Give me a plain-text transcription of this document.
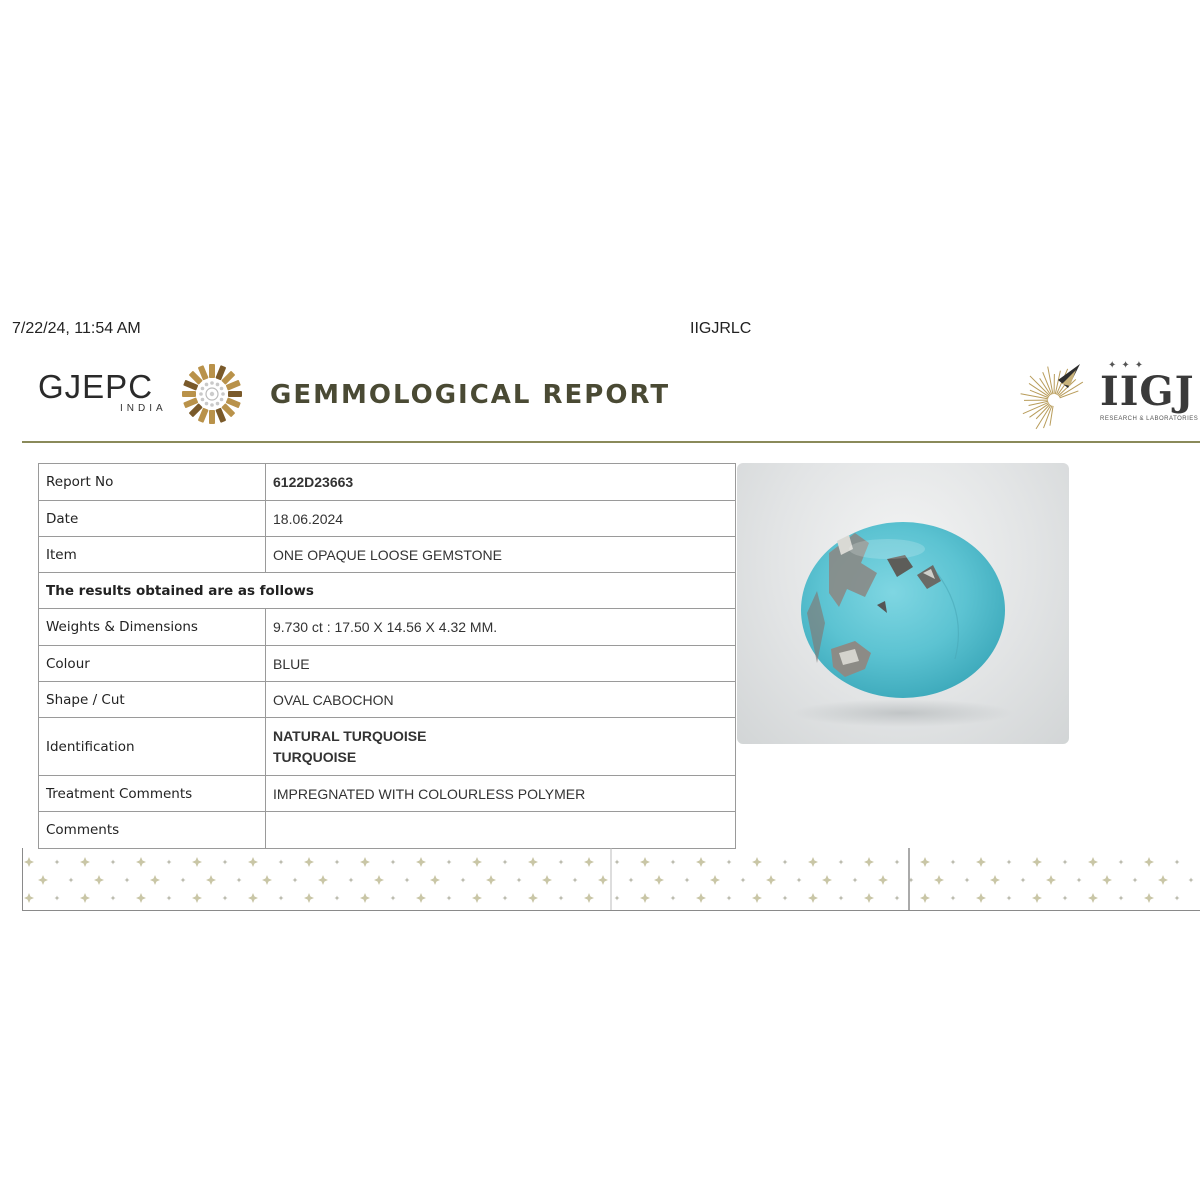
7/22/24, 11:54 AM	IIGJRLC
GJEPC
INDIA	GEMMOLOGICAL REPORT
✦✦✦
IIGJ
RESEARCH & LABORATORIES
Report No	6122D23663
Date	18.06.2024
Item	ONE OPAQUE LOOSE GEMSTONE
The results obtained are as follows	
Weights & Dimensions	9.730 ct : 17.50 X 14.56 X 4.32 MM.
Colour	BLUE
Shape / Cut	OVAL CABOCHON
Identification	NATURAL TURQUOISE
TURQUOISE

Treatment Comments	IMPREGNATED WITH COLOURLESS POLYMER
Comments	
